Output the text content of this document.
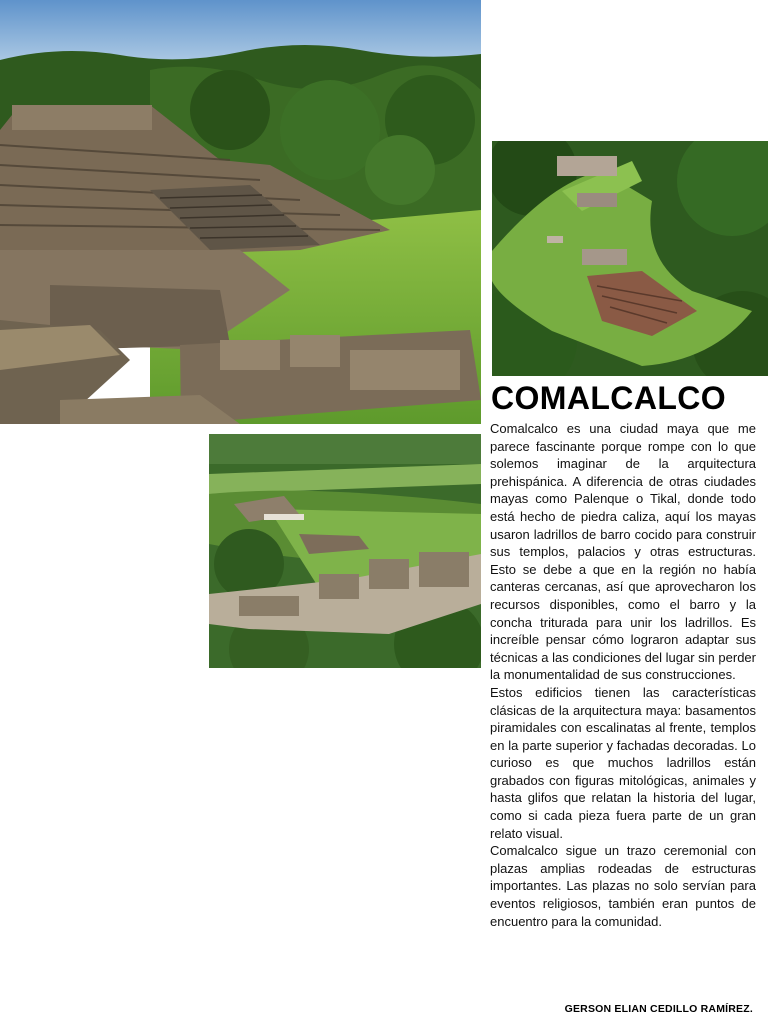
COMALCALCO

Comalcalco es una ciudad maya que me parece fascinante porque rompe con lo que solemos imaginar de la arquitectura prehispánica. A diferencia de otras ciudades mayas como Palenque o Tikal, donde todo está hecho de piedra caliza, aquí los mayas usaron ladrillos de barro cocido para construir sus templos, palacios y otras estructuras. Esto se debe a que en la región no había canteras cercanas, así que aprovecharon los recursos disponibles, como el barro y la concha triturada para unir los ladrillos. Es increíble pensar cómo lograron adaptar sus técnicas a las condiciones del lugar sin perder la monumentalidad de sus construcciones.

Estos edificios tienen las características clásicas de la arquitectura maya: basamentos piramidales con escalinatas al frente, templos en la parte superior y fachadas decoradas. Lo curioso es que muchos ladrillos están grabados con figuras mitológicas, animales y hasta glifos que relatan la historia del lugar, como si cada pieza fuera parte de un gran relato visual.

Comalcalco sigue un trazo ceremonial con plazas amplias rodeadas de estructuras importantes. Las plazas no solo servían para eventos religiosos, también eran puntos de encuentro para la comunidad.

GERSON ELIAN CEDILLO RAMÍREZ.
